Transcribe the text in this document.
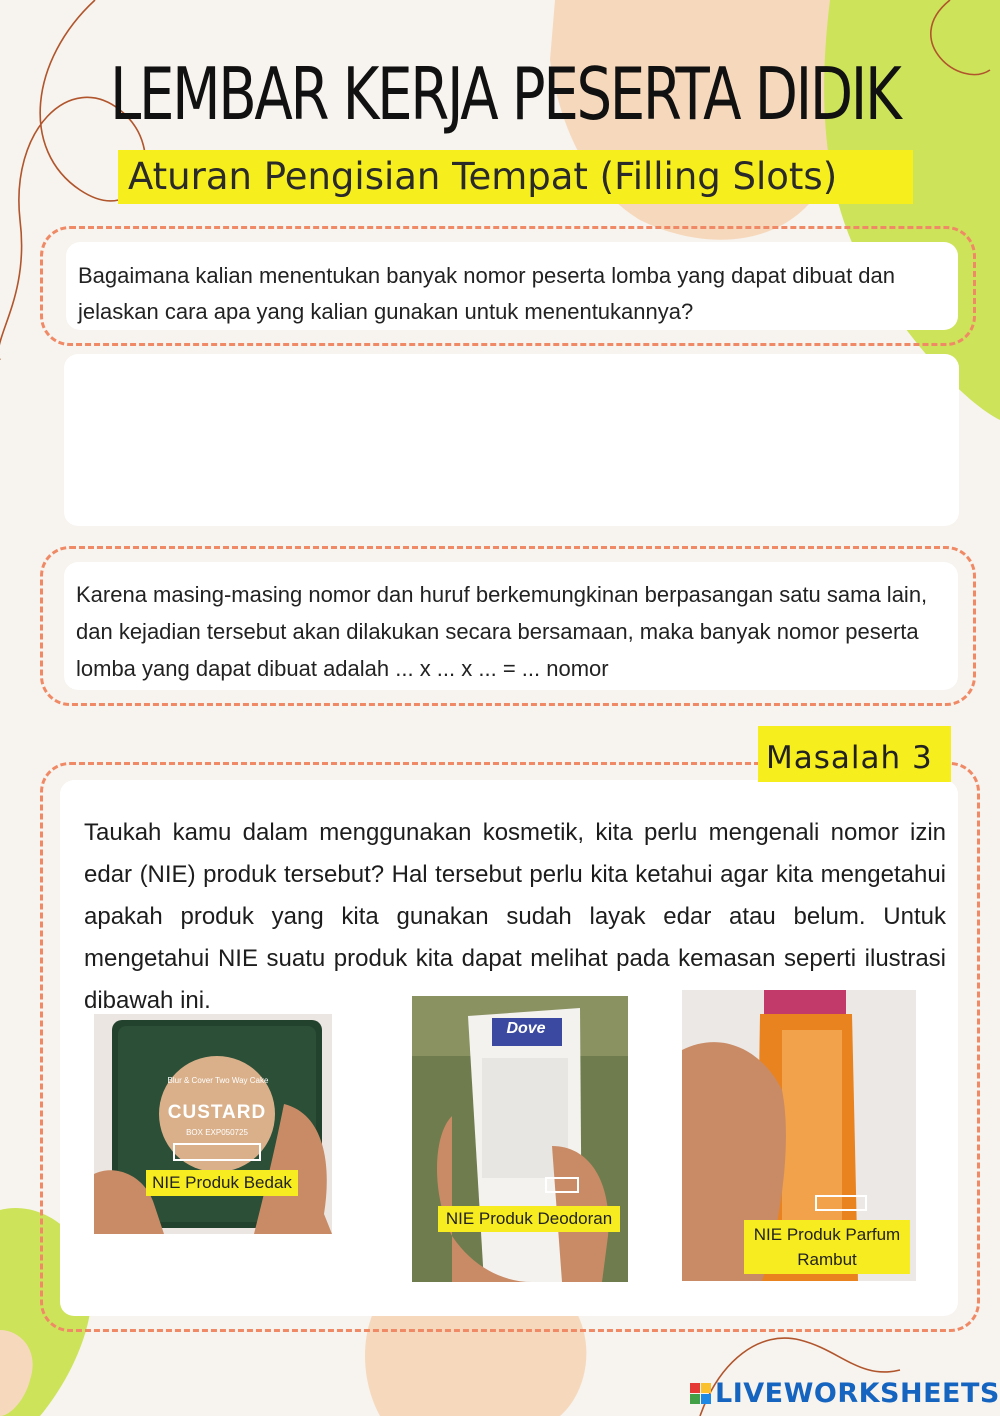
LEMBAR KERJA PESERTA DIDIK
Aturan Pengisian Tempat (Filling Slots)
Bagaimana kalian menentukan banyak nomor peserta lomba yang dapat dibuat dan jelaskan cara apa yang kalian gunakan untuk menentukannya?
Karena masing-masing nomor dan huruf berkemungkinan berpasangan satu sama lain, dan kejadian tersebut akan dilakukan secara bersamaan, maka banyak nomor peserta lomba yang dapat dibuat adalah ... x ... x ... = ... nomor
Masalah 3
Taukah kamu dalam menggunakan kosmetik, kita perlu mengenali nomor izin edar (NIE) produk tersebut? Hal tersebut perlu kita ketahui agar kita mengetahui apakah produk yang kita gunakan sudah layak edar atau belum. Untuk mengetahui NIE suatu produk kita dapat melihat pada kemasan seperti ilustrasi dibawah ini.
Blur & Cover Two Way Cake
CUSTARD
BOX EXP050725
NIE Produk Bedak
Dove
NIE Produk Deodoran
NIE Produk Parfum Rambut
LIVEWORKSHEETS
